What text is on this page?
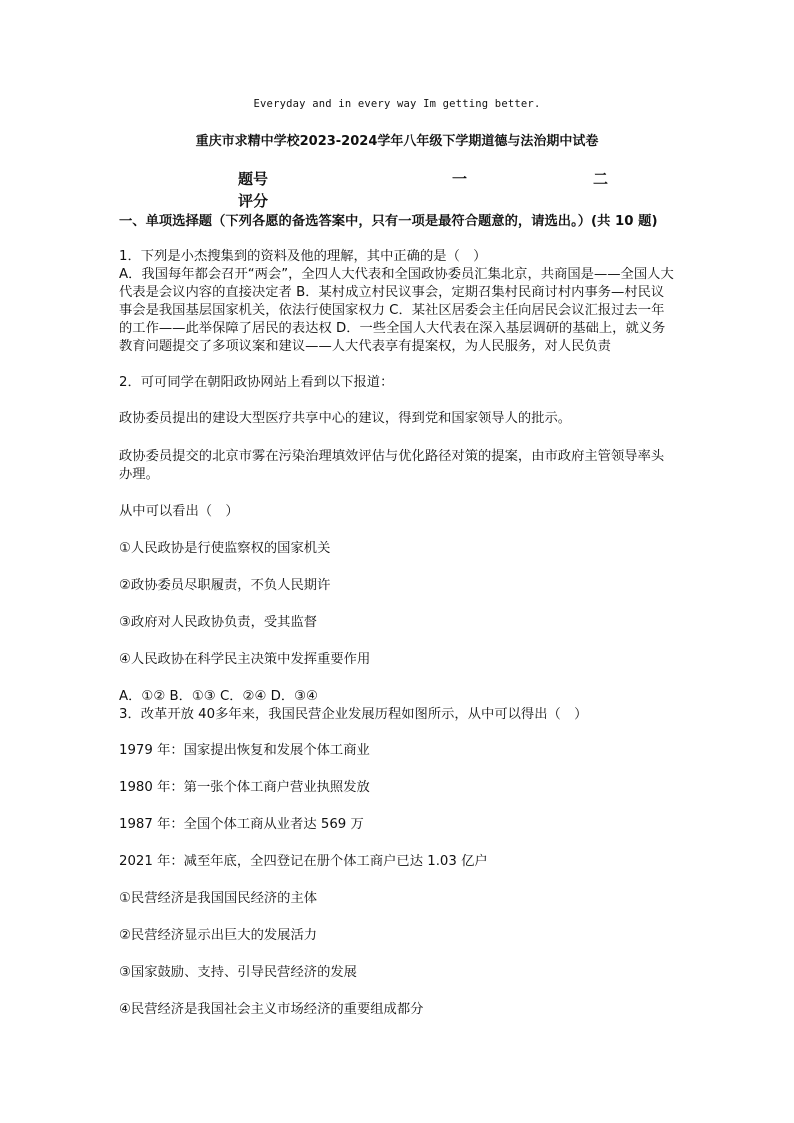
Everyday and in every way Im getting better.
重庆市求精中学校2023-2024学年八年级下学期道德与法治期中试卷
题号
评分
一	二
一、单项选择题（下列各愿的备选答案中，只有一项是最符合题意的，请选出。）(共 10 题)
1．下列是小杰搜集到的资料及他的理解，其中正确的是（　）
A．我国每年都会召开“两会”，全四人大代表和全国政协委员汇集北京，共商国是——全国人大代表是会议内容的直接决定者 B．某村成立村民议事会，定期召集村民商讨村内事务—村民议事会是我国基层国家机关，依法行使国家权力 C．某社区居委会主任向居民会议汇报过去一年的工作——此举保障了居民的表达权 D．一些全国人大代表在深入基层调研的基础上，就义务教育问题提交了多项议案和建议——人大代表享有提案权，为人民服务，对人民负责
2．可可同学在朝阳政协网站上看到以下报道：
政协委员提出的建设大型医疗共享中心的建议，得到党和国家领导人的批示。
政协委员提交的北京市雾在污染治理填效评估与优化路径对策的提案，由市政府主管领导率头办理。
从中可以看出（　）
①人民政协是行使监察权的国家机关
②政协委员尽职履责，不负人民期许
③政府对人民政协负责，受其监督
④人民政协在科学民主决策中发挥重要作用
A．①② B．①③ C．②④ D．③④
3．改革开放 40多年来，我国民营企业发展历程如图所示，从中可以得出（　）
1979 年：国家提出恢复和发展个体工商业
1980 年：第一张个体工商户营业执照发放
1987 年：全国个体工商从业者达 569 万
2021 年：减至年底，全四登记在册个体工商户已达 1.03 亿户
①民营经济是我国国民经济的主体
②民营经济显示出巨大的发展活力
③国家鼓励、支持、引导民营经济的发展
④民营经济是我国社会主义市场经济的重要组成都分
